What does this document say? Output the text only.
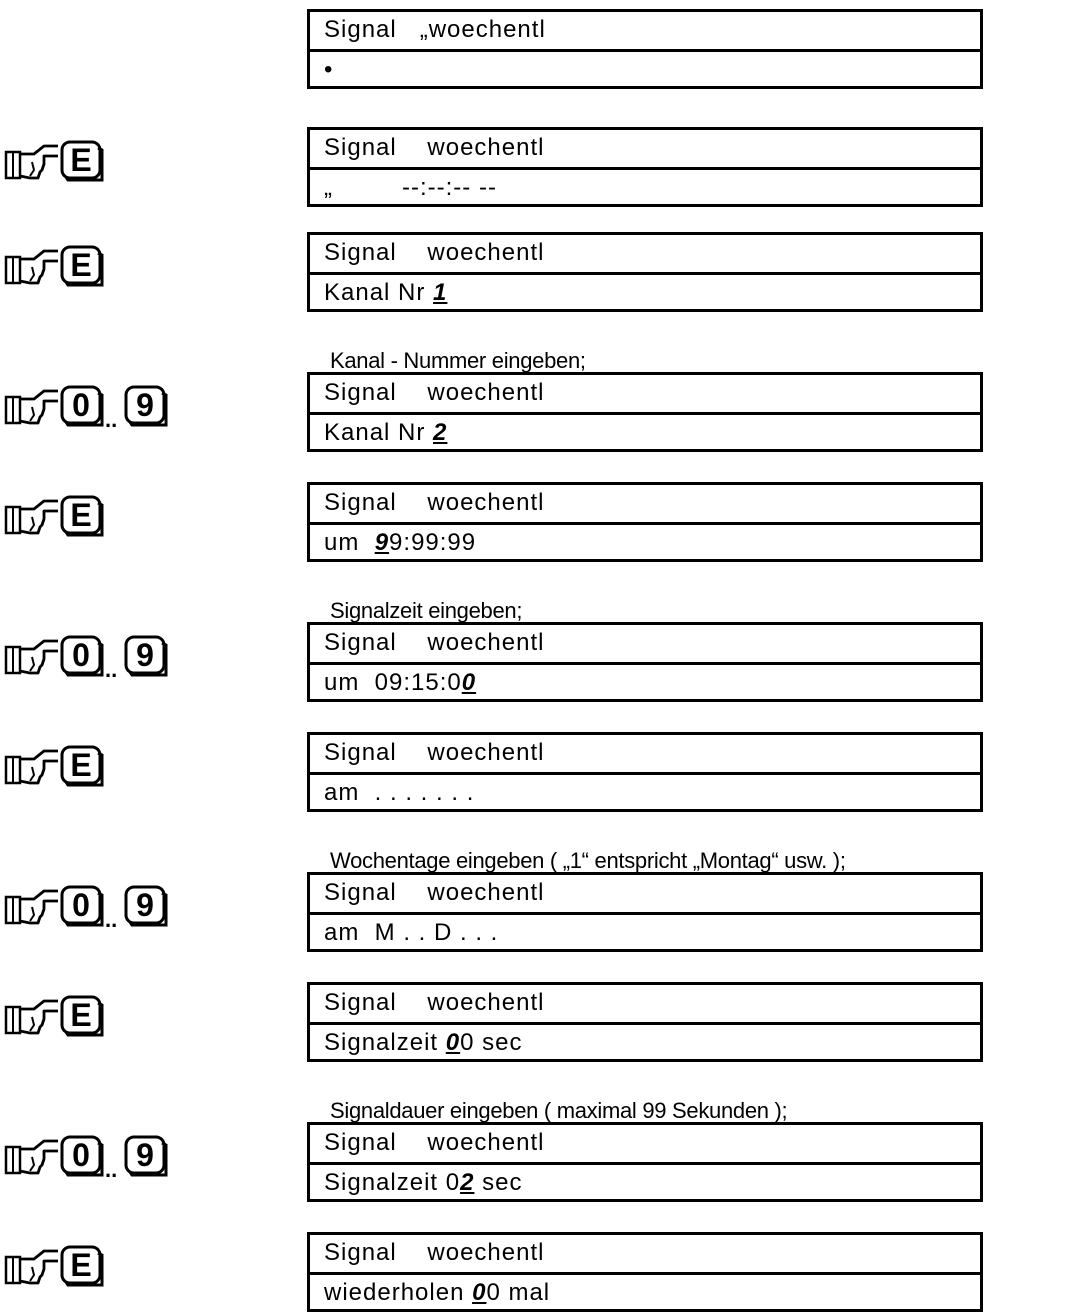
Signal   „woechentl
•
Signal    woechentl
„         --:--:-- --
Signal    woechentl
Kanal Nr 1
Signal    woechentl
Kanal Nr 2
Signal    woechentl
um  99:99:99
Signal    woechentl
um  09:15:00
Signal    woechentl
am  . . . . . . .
Signal    woechentl
am  M . . D . . .
Signal    woechentl
Signalzeit 00 sec
Signal    woechentl
Signalzeit 02 sec
Signal    woechentl
wiederholen 00 mal
Kanal - Nummer eingeben;
Signalzeit eingeben;
Wochentage eingeben ( „1“ entspricht „Montag“ usw. );
Signaldauer eingeben ( maximal 99 Sekunden );
E
E
0 .. 9
E
0 .. 9
E
0 .. 9
E
0 .. 9
E
